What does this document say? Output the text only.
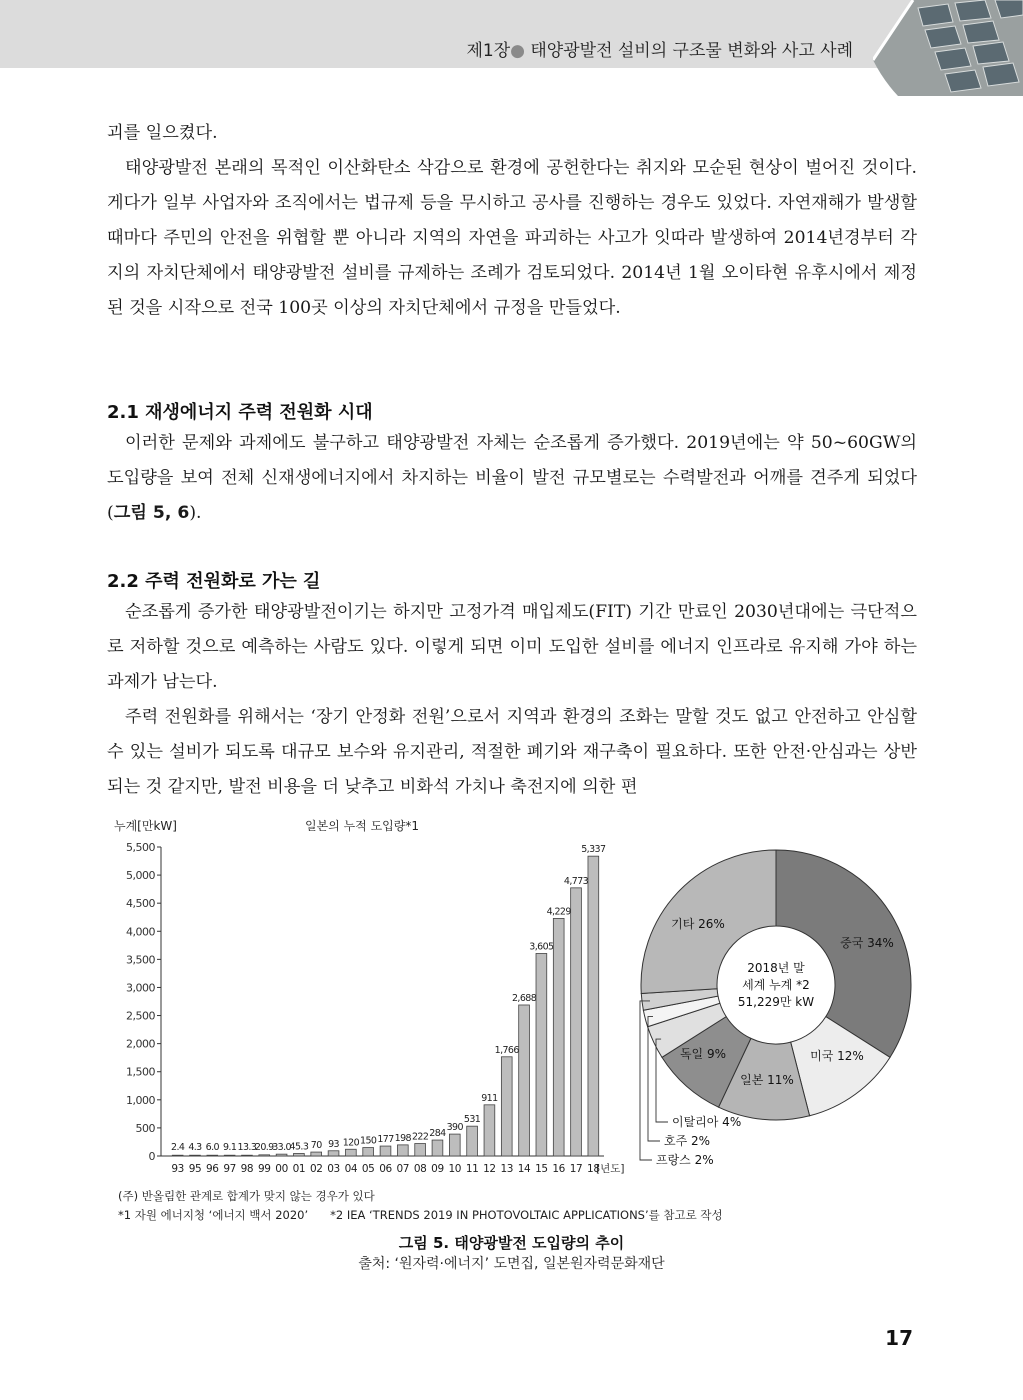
제1장● 태양광발전 설비의 구조물 변화와 사고 사례

괴를 일으켰다.

태양광발전 본래의 목적인 이산화탄소 삭감으로 환경에 공헌한다는 취지와 모순된 현상이 벌어진 것이다. 게다가 일부 사업자와 조직에서는 법규제 등을 무시하고 공사를 진행하는 경우도 있었다. 자연재해가 발생할 때마다 주민의 안전을 위협할 뿐 아니라 지역의 자연을 파괴하는 사고가 잇따라 발생하여 2014년경부터 각지의 자치단체에서 태양광발전 설비를 규제하는 조례가 검토되었다. 2014년 1월 오이타현 유후시에서 제정된 것을 시작으로 전국 100곳 이상의 자치단체에서 규정을 만들었다.

2.1 재생에너지 주력 전원화 시대

이러한 문제와 과제에도 불구하고 태양광발전 자체는 순조롭게 증가했다. 2019년에는 약 50~60GW의 도입량을 보여 전체 신재생에너지에서 차지하는 비율이 발전 규모별로는 수력발전과 어깨를 견주게 되었다(그림 5, 6).

2.2 주력 전원화로 가는 길

순조롭게 증가한 태양광발전이기는 하지만 고정가격 매입제도(FIT) 기간 만료인 2030년대에는 극단적으로 저하할 것으로 예측하는 사람도 있다. 이렇게 되면 이미 도입한 설비를 에너지 인프라로 유지해 가야 하는 과제가 남는다.

주력 전원화를 위해서는 ‘장기 안정화 전원’으로서 지역과 환경의 조화는 말할 것도 없고 안전하고 안심할 수 있는 설비가 되도록 대규모 보수와 유지관리, 적절한 폐기와 재구축이 필요하다. 또한 안전·안심과는 상반되는 것 같지만, 발전 비용을 더 낮추고 비화석 가치나 축전지에 의한 편

누계[만kW]	일본의 누적 도입량*1
0
500
1,000
1,500
2,000
2,500
3,000
3,500
4,000
4,500
5,000
5,500
2.4
93
4.3
95
6.0
96
9.1
97
13.3
98
20.9
99
33.0
00
45.3
01
70
02
93
03
120
04
150
05
177
06
198
07
222
08
284
09
390
10
531
11
911
12
1,766
13
2,688
14
3,605
15
4,229
16
4,773
17
5,337
18
[년도]
중국 34%
미국 12%
일본 11%
독일 9%
이탈리아 4%
호주 2%
프랑스 2%
기타 26%
2018년 말
세계 누계 *2
51,229만 kW
(주) 반올림한 관계로 합계가 맞지 않는 경우가 있다
*1 자원 에너지청 ‘에너지 백서 2020’ *2 IEA ‘TRENDS 2019 IN PHOTOVOLTAIC APPLICATIONS’를 참고로 작성
그림 5. 태양광발전 도입량의 추이
출처: ‘원자력·에너지’ 도면집, 일본원자력문화재단
17
